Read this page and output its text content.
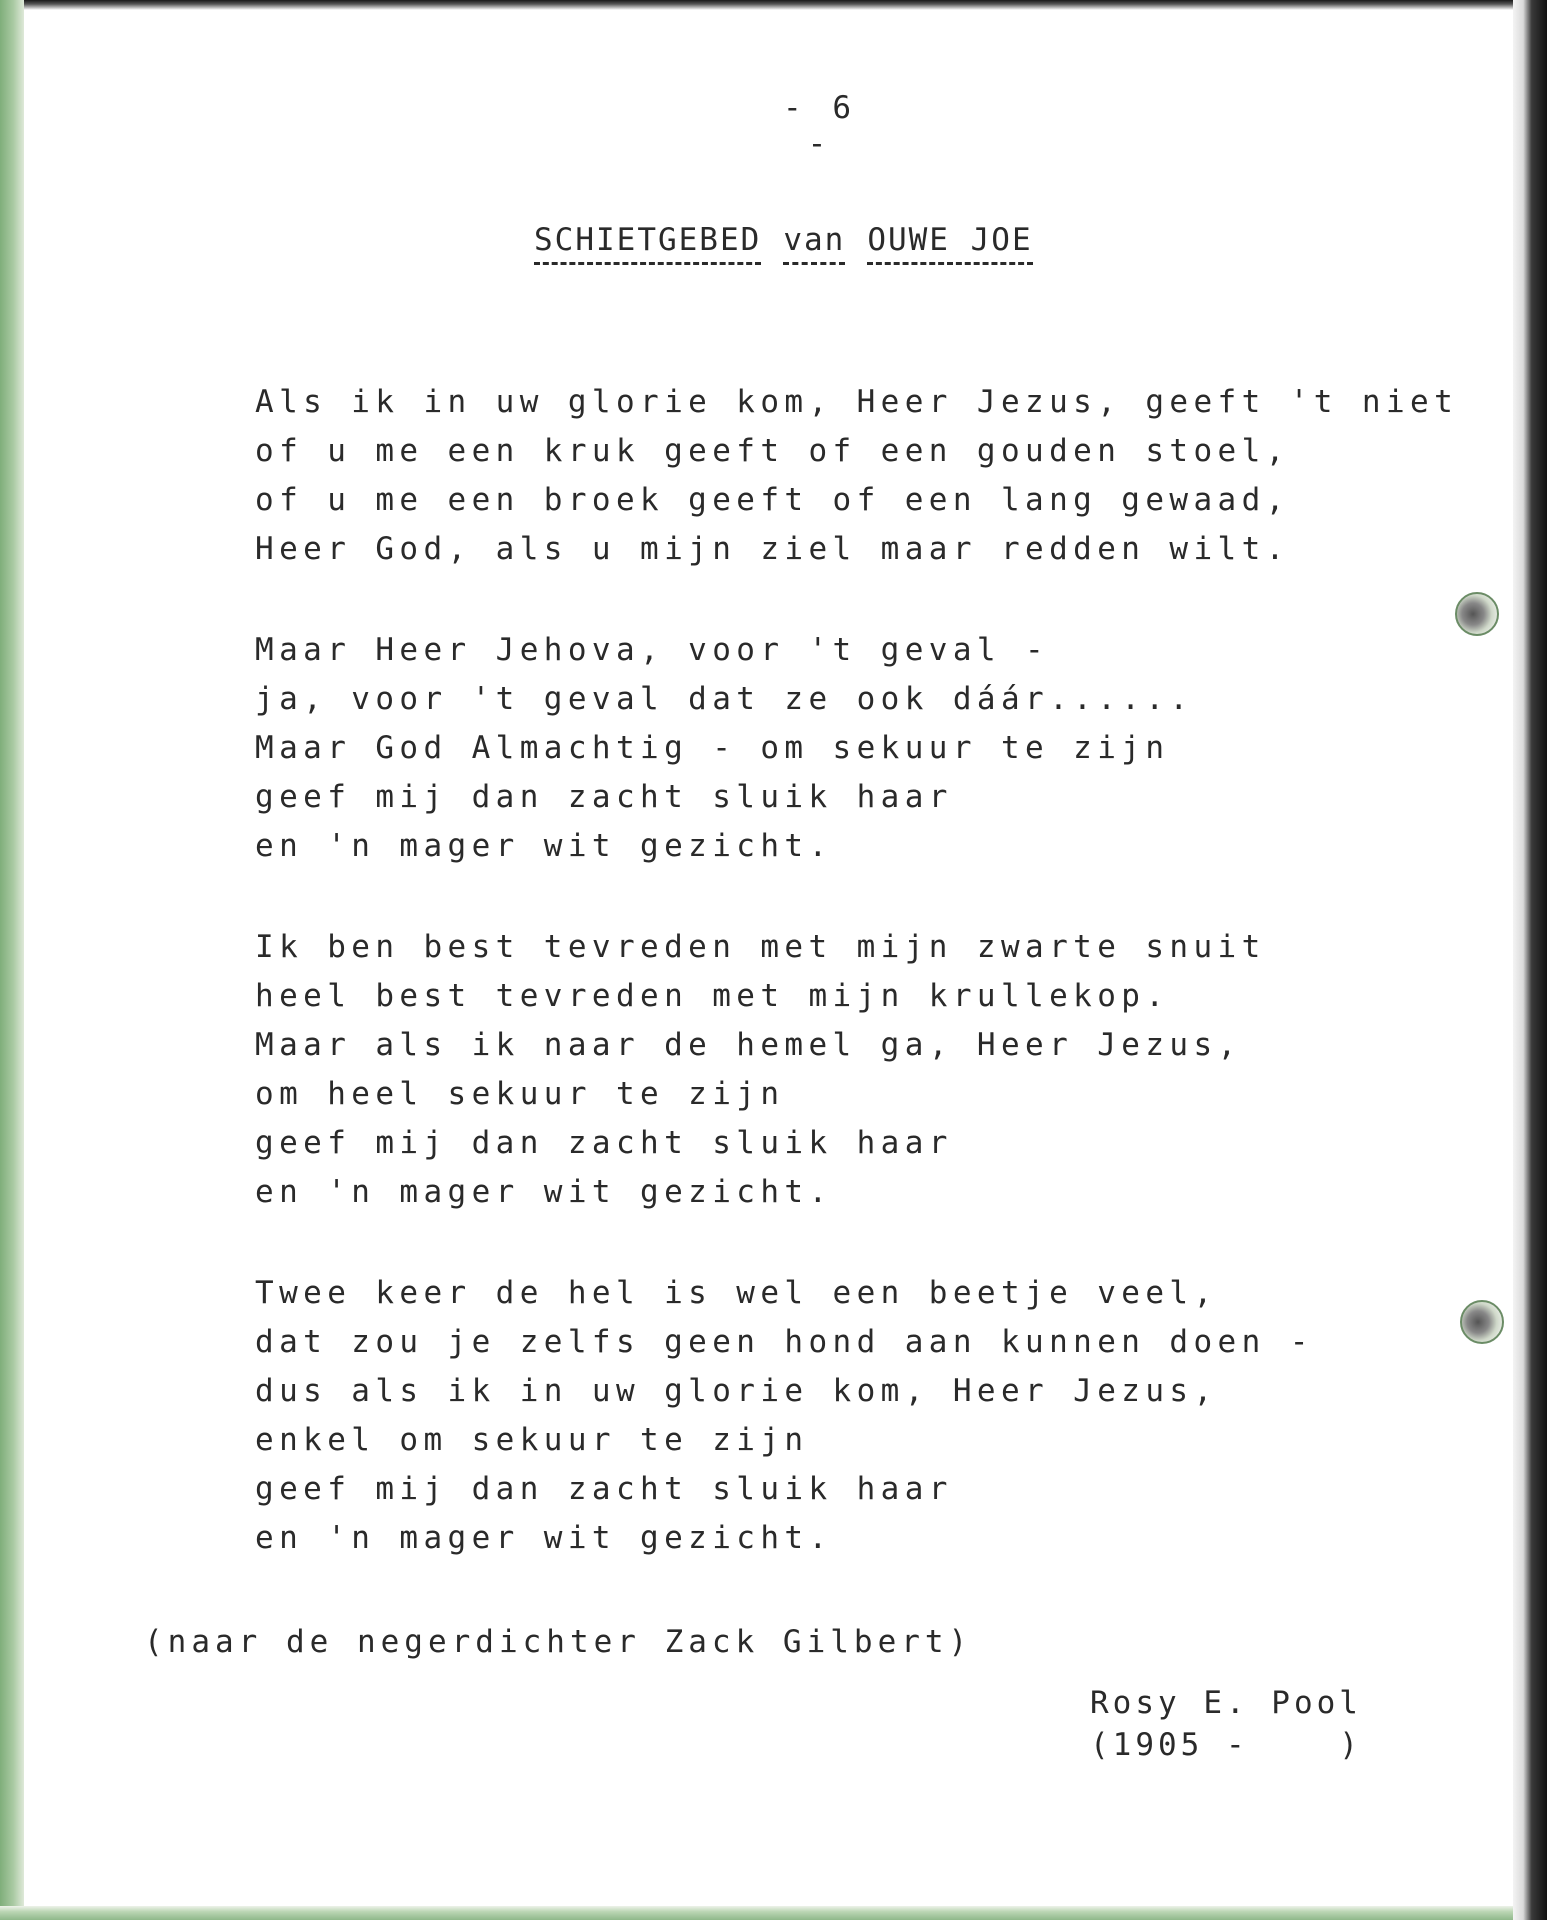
- 6 -
SCHIETGEBED van OUWE JOE
Als ik in uw glorie kom, Heer Jezus, geeft 't niet
of u me een kruk geeft of een gouden stoel,
of u me een broek geeft of een lang gewaad,
Heer God, als u mijn ziel maar redden wilt.
Maar Heer Jehova, voor 't geval -
ja, voor 't geval dat ze ook dáár......
Maar God Almachtig - om sekuur te zijn
geef mij dan zacht sluik haar
en 'n mager wit gezicht.
Ik ben best tevreden met mijn zwarte snuit
heel best tevreden met mijn krullekop.
Maar als ik naar de hemel ga, Heer Jezus,
om heel sekuur te zijn
geef mij dan zacht sluik haar
en 'n mager wit gezicht.
Twee keer de hel is wel een beetje veel,
dat zou je zelfs geen hond aan kunnen doen -
dus als ik in uw glorie kom, Heer Jezus,
enkel om sekuur te zijn
geef mij dan zacht sluik haar
en 'n mager wit gezicht.
(naar de negerdichter Zack Gilbert)
Rosy E. Pool
(1905 -    )
